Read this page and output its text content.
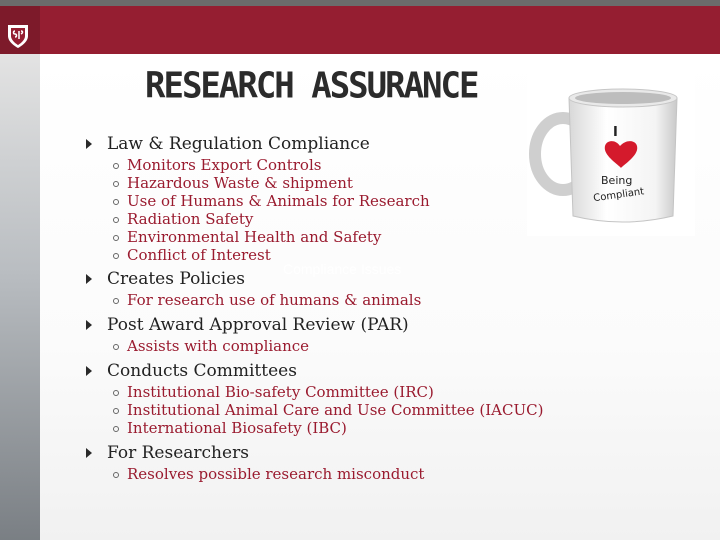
RESEARCH ASSURANCE
I
Being
Compliant
Compliance Issues
Law & Regulation Compliance
Monitors Export Controls
Hazardous Waste & shipment
Use of Humans & Animals for Research
Radiation Safety
Environmental Health and Safety
Conflict of Interest
Creates Policies
For research use of humans & animals
Post Award Approval Review (PAR)
Assists with compliance
Conducts Committees
Institutional Bio-safety Committee (IRC)
Institutional Animal Care and Use Committee (IACUC)
International Biosafety (IBC)
For Researchers
Resolves possible research misconduct
